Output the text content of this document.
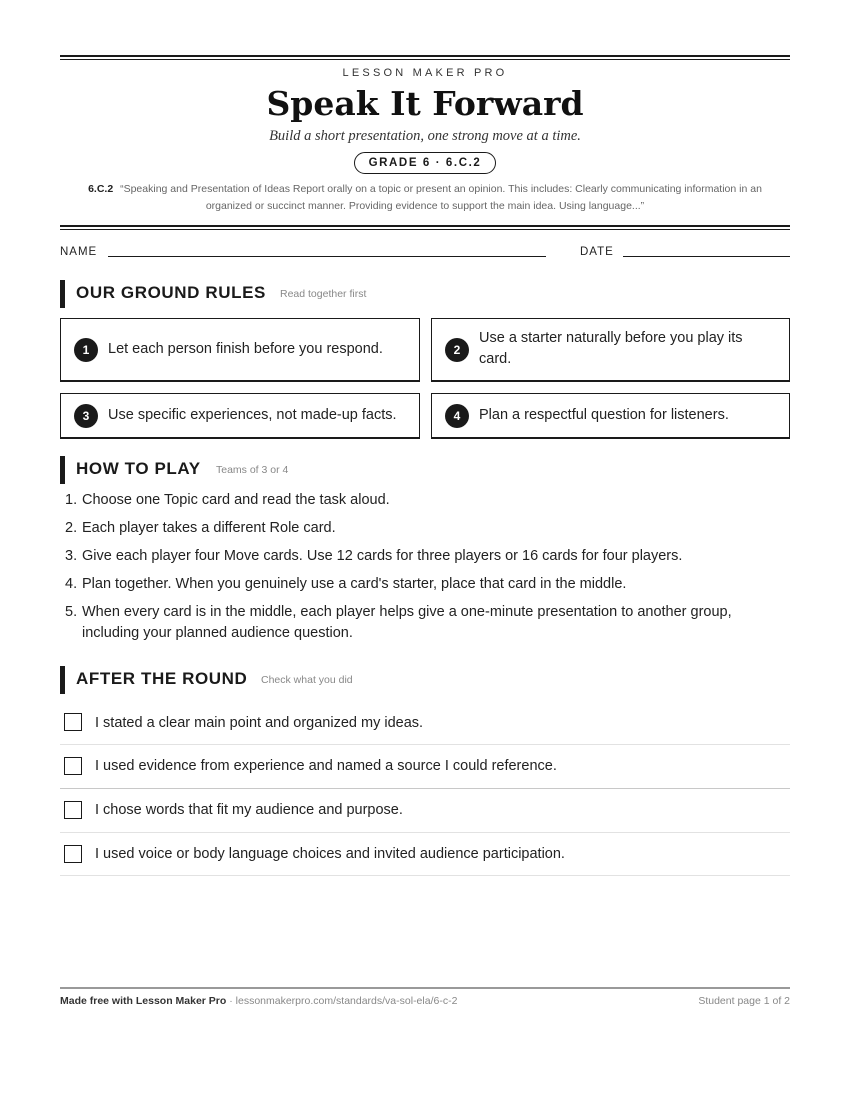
LESSON MAKER PRO
Speak It Forward
Build a short presentation, one strong move at a time.
GRADE 6 · 6.C.2
6.C.2 “Speaking and Presentation of Ideas Report orally on a topic or present an opinion. This includes: Clearly communicating information in an organized or succinct manner. Providing evidence to support the main idea. Using language...”
NAME	DATE
OUR GROUND RULES Read together first
1	Let each person finish before you respond.	2
Use a starter naturally before you play its card.
3	Use specific experiences, not made-up facts.	4	Plan a respectful question for listeners.
HOW TO PLAY Teams of 3 or 4
1. Choose one Topic card and read the task aloud.
2. Each player takes a different Role card.
3. Give each player four Move cards. Use 12 cards for three players or 16 cards for four players.
4. Plan together. When you genuinely use a card's starter, place that card in the middle.
5. When every card is in the middle, each player helps give a one-minute presentation to another group, including your planned audience question.
AFTER THE ROUND Check what you did
I stated a clear main point and organized my ideas.
I used evidence from experience and named a source I could reference.
I chose words that fit my audience and purpose.
I used voice or body language choices and invited audience participation.
Made free with Lesson Maker Pro · lessonmakerpro.com/standards/va-sol-ela/6-c-2	Student page 1 of 2
